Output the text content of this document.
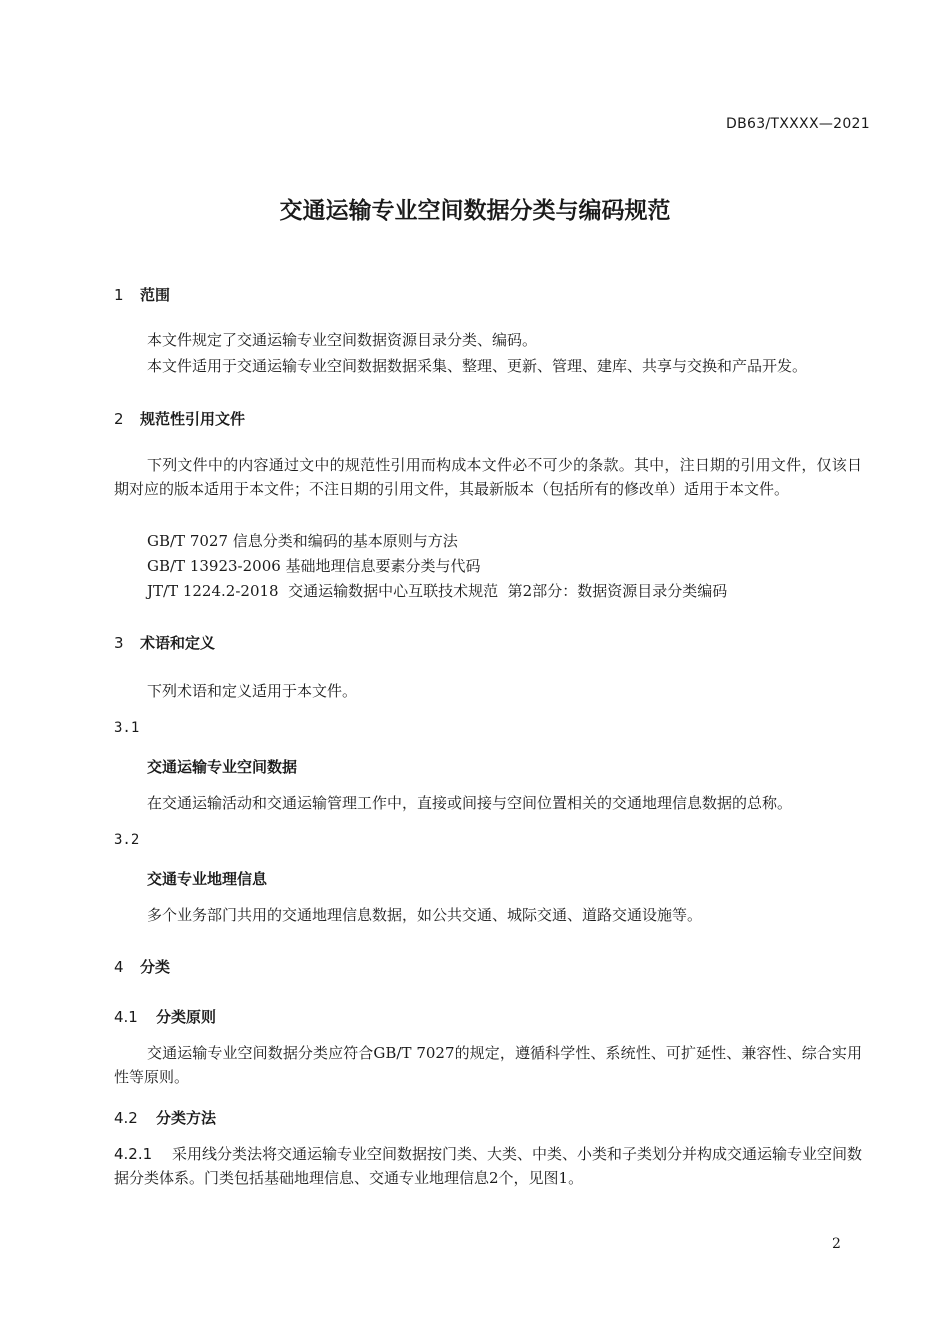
DB63/TXXXX—2021
交通运输专业空间数据分类与编码规范
1 范围
本文件规定了交通运输专业空间数据资源目录分类、编码。
本文件适用于交通运输专业空间数据数据采集、整理、更新、管理、建库、共享与交换和产品开发。
2 规范性引用文件
下列文件中的内容通过文中的规范性引用而构成本文件必不可少的条款。其中，注日期的引用文件，仅该日期对应的版本适用于本文件；不注日期的引用文件，其最新版本（包括所有的修改单）适用于本文件。
GB/T 7027 信息分类和编码的基本原则与方法
GB/T 13923-2006 基础地理信息要素分类与代码
JT/T 1224.2-2018  交通运输数据中心互联技术规范  第2部分：数据资源目录分类编码
3 术语和定义
下列术语和定义适用于本文件。
3.1
交通运输专业空间数据
在交通运输活动和交通运输管理工作中，直接或间接与空间位置相关的交通地理信息数据的总称。
3.2
交通专业地理信息
多个业务部门共用的交通地理信息数据，如公共交通、城际交通、道路交通设施等。
4 分类
4.1 分类原则
交通运输专业空间数据分类应符合GB/T 7027的规定，遵循科学性、系统性、可扩延性、兼容性、综合实用性等原则。
4.2 分类方法
4.2.1 采用线分类法将交通运输专业空间数据按门类、大类、中类、小类和子类划分并构成交通运输专业空间数据分类体系。门类包括基础地理信息、交通专业地理信息2个，见图1。
2
